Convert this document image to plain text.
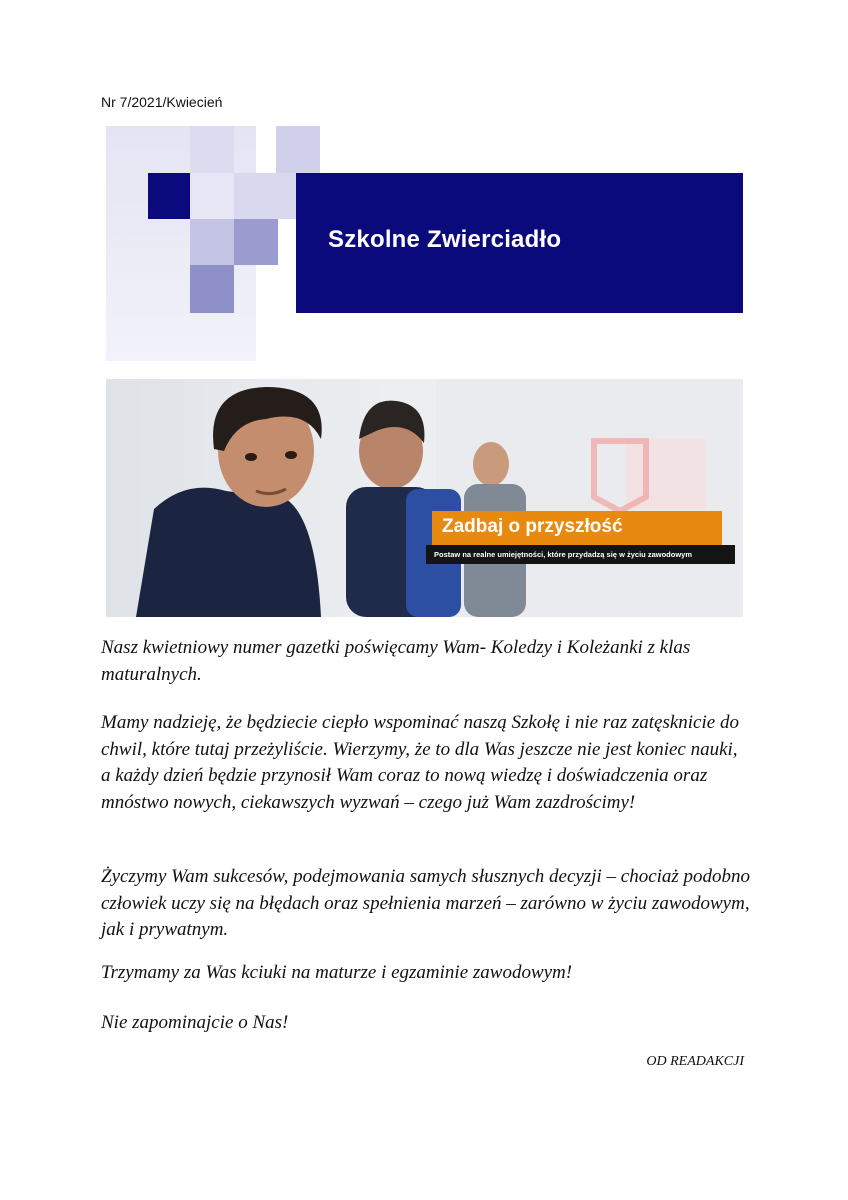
Nr 7/2021/Kwiecień
Szkolne Zwierciadło
Zadbaj o przyszłość
Postaw na realne umiejętności, które przydadzą się w życiu zawodowym
Nasz kwietniowy numer gazetki poświęcamy Wam- Koledzy i Koleżanki z klas maturalnych.
Mamy nadzieję, że będziecie ciepło wspominać naszą Szkołę i nie raz zatęsknicie do chwil, które tutaj przeżyliście. Wierzymy, że to dla Was jeszcze nie jest koniec nauki, a każdy dzień będzie przynosił Wam coraz to nową wiedzę i doświadczenia oraz mnóstwo nowych, ciekawszych wyzwań – czego już Wam zazdrościmy!
Życzymy Wam sukcesów, podejmowania samych słusznych decyzji – chociaż podobno człowiek uczy się na błędach oraz spełnienia marzeń – zarówno w życiu zawodowym, jak i prywatnym.
Trzymamy za Was kciuki na maturze i egzaminie zawodowym!
Nie zapominajcie o Nas!
OD READAKCJI
